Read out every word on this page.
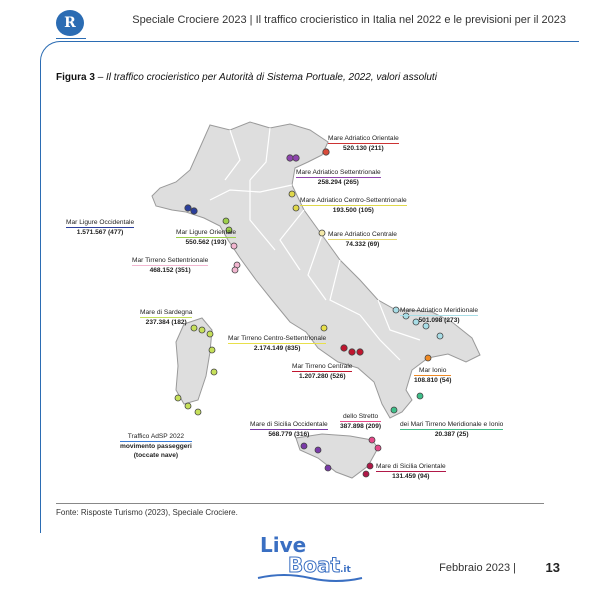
R	Speciale Crociere 2023 | Il traffico crocieristico in Italia nel 2022 e le previsioni per il 2023
Figura 3 – Il traffico crocieristico per Autorità di Sistema Portuale, 2022, valori assoluti
Mare Adriatico Orientale
520.130 (211)
Mare Adriatico Settentrionale
258.294 (265)
Mare Adriatico Centro-Settentrionale
193.500 (105)
Mare Adriatico Centrale
74.332 (69)
Mar Ligure Occidentale
1.571.567 (477)	Mar Ligure Orientale
550.562 (193)
Mar Tirreno Settentrionale
468.152 (351)
Mare di Sardegna
237.384 (182)
Mar Tirreno Centro-Settentrionale
2.174.149 (835)
Mar Tirreno Centrale
1.207.280 (526)
Mare Adriatico Meridionale
501.098 (273)
Mar Ionio
108.810 (54)
dei Mari Tirreno Meridionale e Ionio
20.387 (25)
dello Stretto
387.898 (209)
Mare di Sicilia Occidentale
568.779 (316)
Mare di Sicilia Orientale
131.459 (94)
Traffico AdSP 2022
movimento passeggeri
(toccate nave)
Fonte: Risposte Turismo (2023), Speciale Crociere.
Live
Boat .it	Febbraio 2023 | 13
